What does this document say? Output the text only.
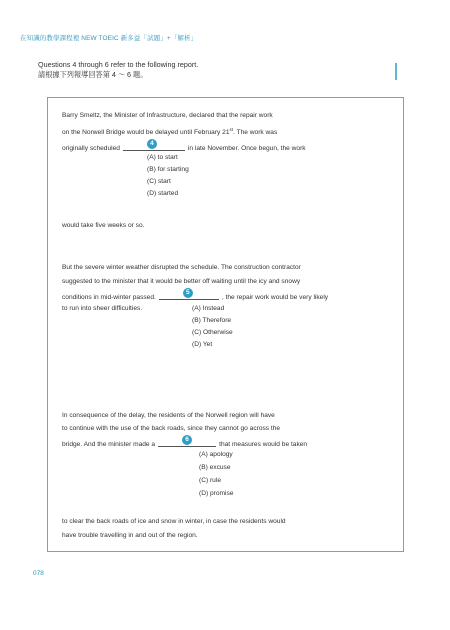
在知識的教學課程裡 NEW TOEIC 新多益「試題」+「解析」
Questions 4 through 6 refer to the following report.
請根據下列報導回答第 4 ～ 6 題。
Barry Smeltz, the Minister of Infrastructure, declared that the repair work
on the Norwell Bridge would be delayed until February 21st. The work was
originally scheduled
4
in late November. Once begun, the work
(A) to start
(B) for starting
(C) start
(D) started
would take five weeks or so.
But the severe winter weather disrupted the schedule. The construction contractor
suggested to the minister that it would be better off waiting until the icy and snowy
conditions in mid-winter passed.
5
, the repair work would be very likely
to run into sheer difficulties.	(A) Instead
(B) Therefore
(C) Otherwise
(D) Yet
In consequence of the delay, the residents of the Norwell region will have
to continue with the use of the back roads, since they cannot go across the
bridge. And the minister made a
6
that measures would be taken
(A) apology
(B) excuse
(C) rule
(D) promise
to clear the back roads of ice and snow in winter, in case the residents would
have trouble travelling in and out of the region.
078
